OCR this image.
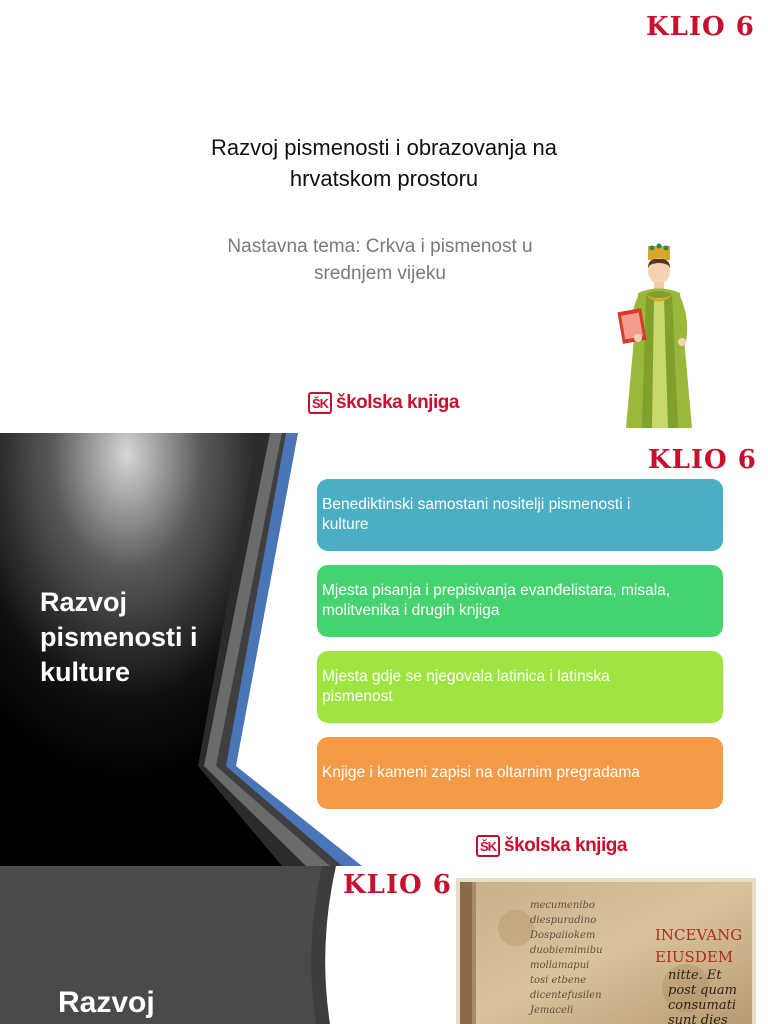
KLIO 6
Razvoj pismenosti i obrazovanja na
hrvatskom prostoru
Nastavna tema: Crkva i pismenost u
srednjem vijeku
ŠK školska knjiga
KLIO 6
Razvoj
pismenosti i
kulture
Benediktinski samostani nositelji pismenosti i
kulture
Mjesta pisanja i prepisivanja evanđelistara, misala,
molitvenika i drugih knjiga
Mjesta gdje se njegovala latinica i latinska
pismenost
Knjige i kameni zapisi na oltarnim pregradama
ŠK školska knjiga
KLIO 6
mecumenibo
diespuradino
Dospaiiokem
duobiemimibu
mollamapui
tosi etbene
dicentefusilen
Jemaceli
INCEVANG
EIUSDEM
nitte. Et
post quam
consumati
sunt dies
Razvoj
